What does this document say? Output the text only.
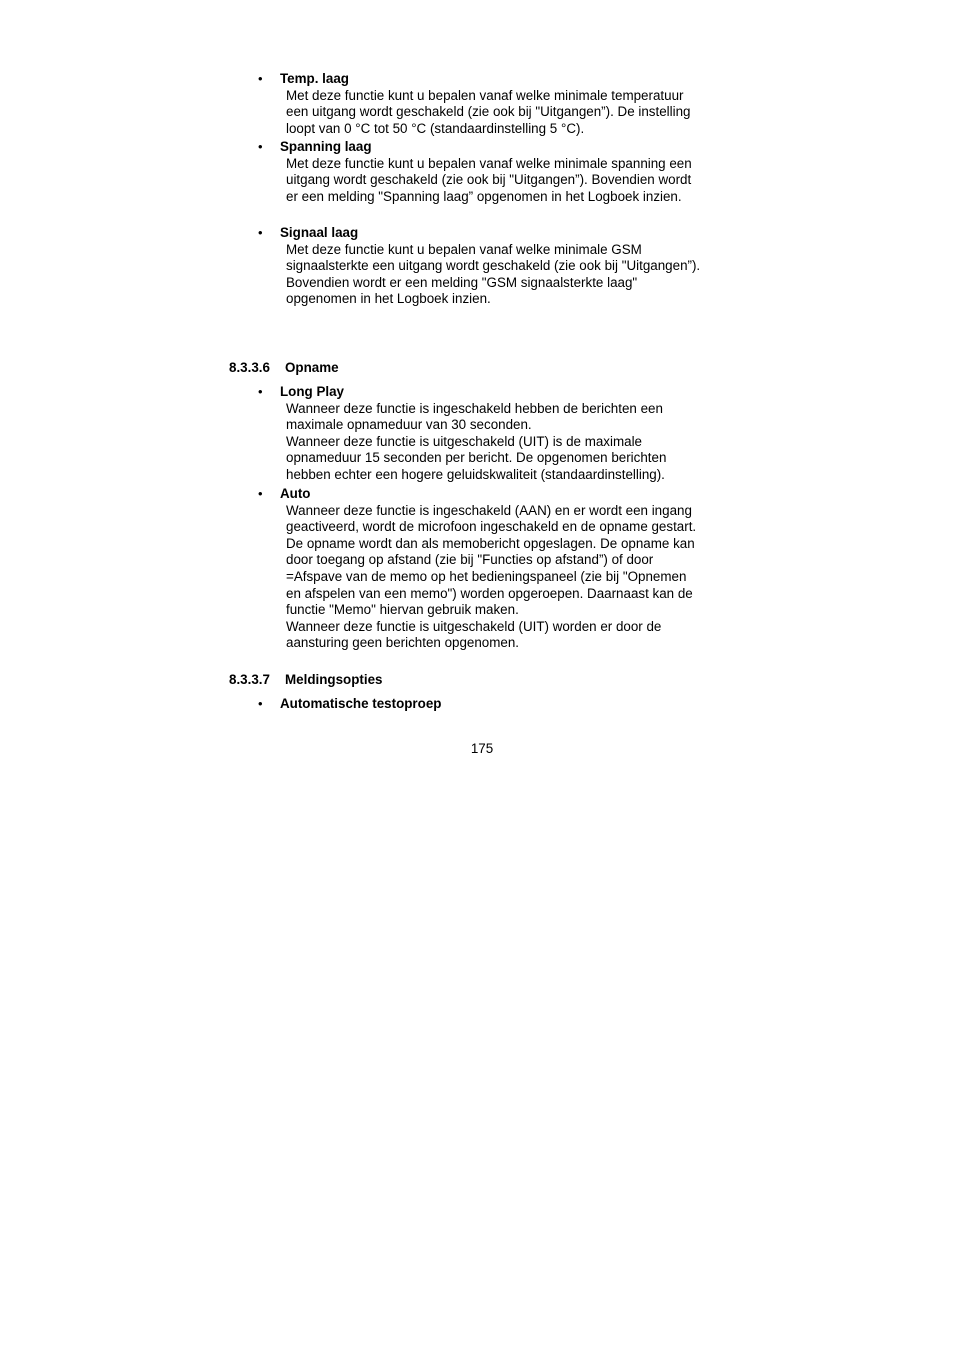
•	Temp. laag
Met deze functie kunt u bepalen vanaf welke minimale temperatuur
een uitgang wordt geschakeld (zie ook bij "Uitgangen”). De instelling
loopt van 0 °C tot 50 °C (standaardinstelling 5 °C).
•	Spanning laag
Met deze functie kunt u bepalen vanaf welke minimale spanning een
uitgang wordt geschakeld (zie ook bij "Uitgangen”). Bovendien wordt
er een melding "Spanning laag” opgenomen in het Logboek inzien.
•	Signaal laag
Met deze functie kunt u bepalen vanaf welke minimale GSM
signaalsterkte een uitgang wordt geschakeld (zie ook bij "Uitgangen”).
Bovendien wordt er een melding "GSM signaalsterkte laag"
opgenomen in het Logboek inzien.
8.3.3.6 Opname
•	Long Play
Wanneer deze functie is ingeschakeld hebben de berichten een
maximale opnameduur van 30 seconden.
Wanneer deze functie is uitgeschakeld (UIT) is de maximale
opnameduur 15 seconden per bericht. De opgenomen berichten
hebben echter een hogere geluidskwaliteit (standaardinstelling).
•	Auto
Wanneer deze functie is ingeschakeld (AAN) en er wordt een ingang
geactiveerd, wordt de microfoon ingeschakeld en de opname gestart.
De opname wordt dan als memobericht opgeslagen. De opname kan
door toegang op afstand (zie bij "Functies op afstand”) of door
=Afspave van de memo op het bedieningspaneel (zie bij "Opnemen
en afspelen van een memo") worden opgeroepen. Daarnaast kan de
functie "Memo" hiervan gebruik maken.
Wanneer deze functie is uitgeschakeld (UIT) worden er door de
aansturing geen berichten opgenomen.
8.3.3.7 Meldingsopties
•	Automatische testoproep
175
